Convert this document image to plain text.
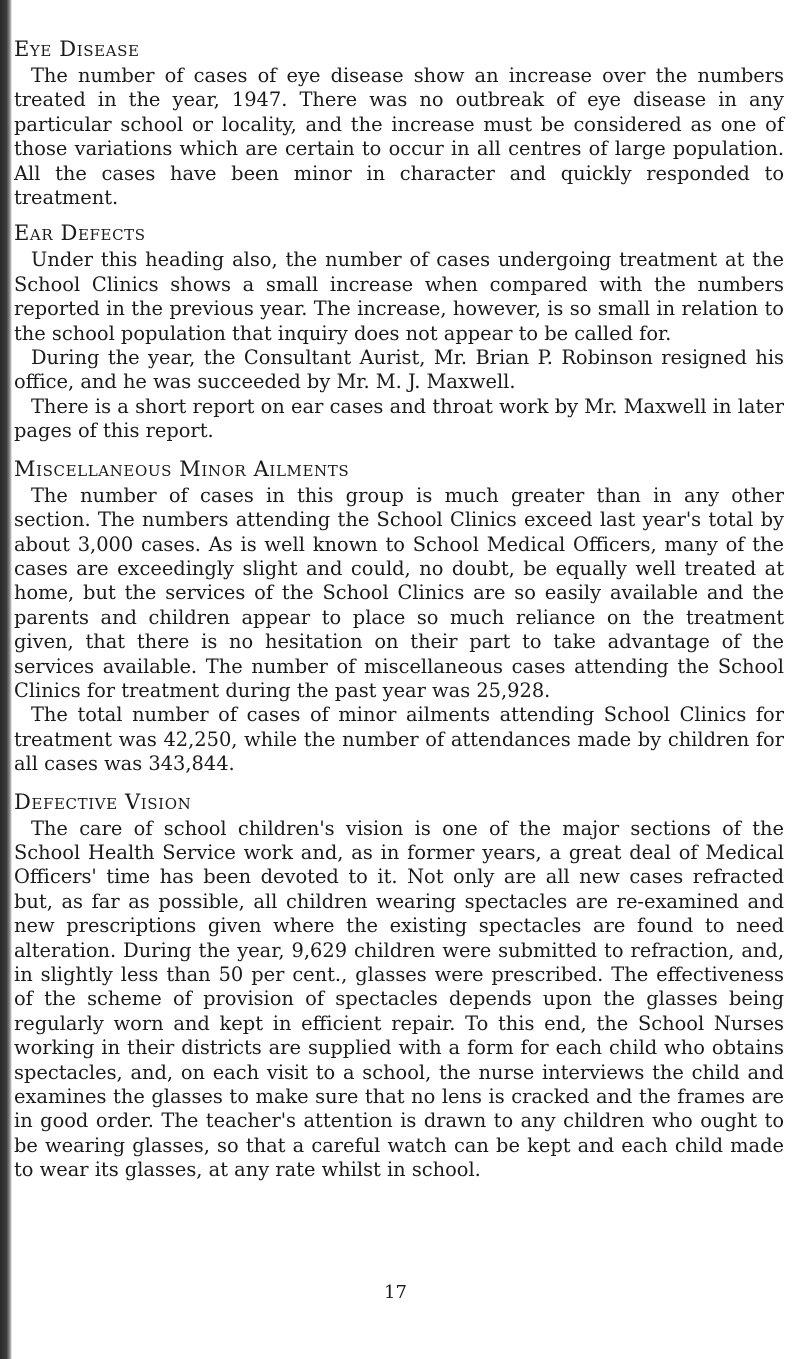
Eye Disease

The number of cases of eye disease show an increase over the numbers treated in the year, 1947. There was no outbreak of eye disease in any particular school or locality, and the increase must be considered as one of those variations which are certain to occur in all centres of large population. All the cases have been minor in character and quickly responded to treatment.

Ear Defects

Under this heading also, the number of cases undergoing treatment at the School Clinics shows a small increase when compared with the numbers reported in the previous year. The increase, however, is so small in relation to the school population that inquiry does not appear to be called for.

During the year, the Consultant Aurist, Mr. Brian P. Robinson resigned his office, and he was succeeded by Mr. M. J. Maxwell.

There is a short report on ear cases and throat work by Mr. Maxwell in later pages of this report.

Miscellaneous Minor Ailments

The number of cases in this group is much greater than in any other section. The numbers attending the School Clinics exceed last year's total by about 3,000 cases. As is well known to School Medical Officers, many of the cases are exceedingly slight and could, no doubt, be equally well treated at home, but the services of the School Clinics are so easily available and the parents and children appear to place so much reliance on the treatment given, that there is no hesitation on their part to take advantage of the services available. The number of miscellaneous cases attending the School Clinics for treatment during the past year was 25,928.

The total number of cases of minor ailments attending School Clinics for treatment was 42,250, while the number of attendances made by children for all cases was 343,844.

Defective Vision

The care of school children's vision is one of the major sections of the School Health Service work and, as in former years, a great deal of Medical Officers' time has been devoted to it. Not only are all new cases refracted but, as far as possible, all children wearing spectacles are re-examined and new prescriptions given where the existing spectacles are found to need alteration. During the year, 9,629 children were submitted to refraction, and, in slightly less than 50 per cent., glasses were prescribed. The effectiveness of the scheme of provision of spectacles depends upon the glasses being regularly worn and kept in efficient repair. To this end, the School Nurses working in their districts are supplied with a form for each child who obtains spectacles, and, on each visit to a school, the nurse interviews the child and examines the glasses to make sure that no lens is cracked and the frames are in good order. The teacher's attention is drawn to any children who ought to be wearing glasses, so that a careful watch can be kept and each child made to wear its glasses, at any rate whilst in school.

17
